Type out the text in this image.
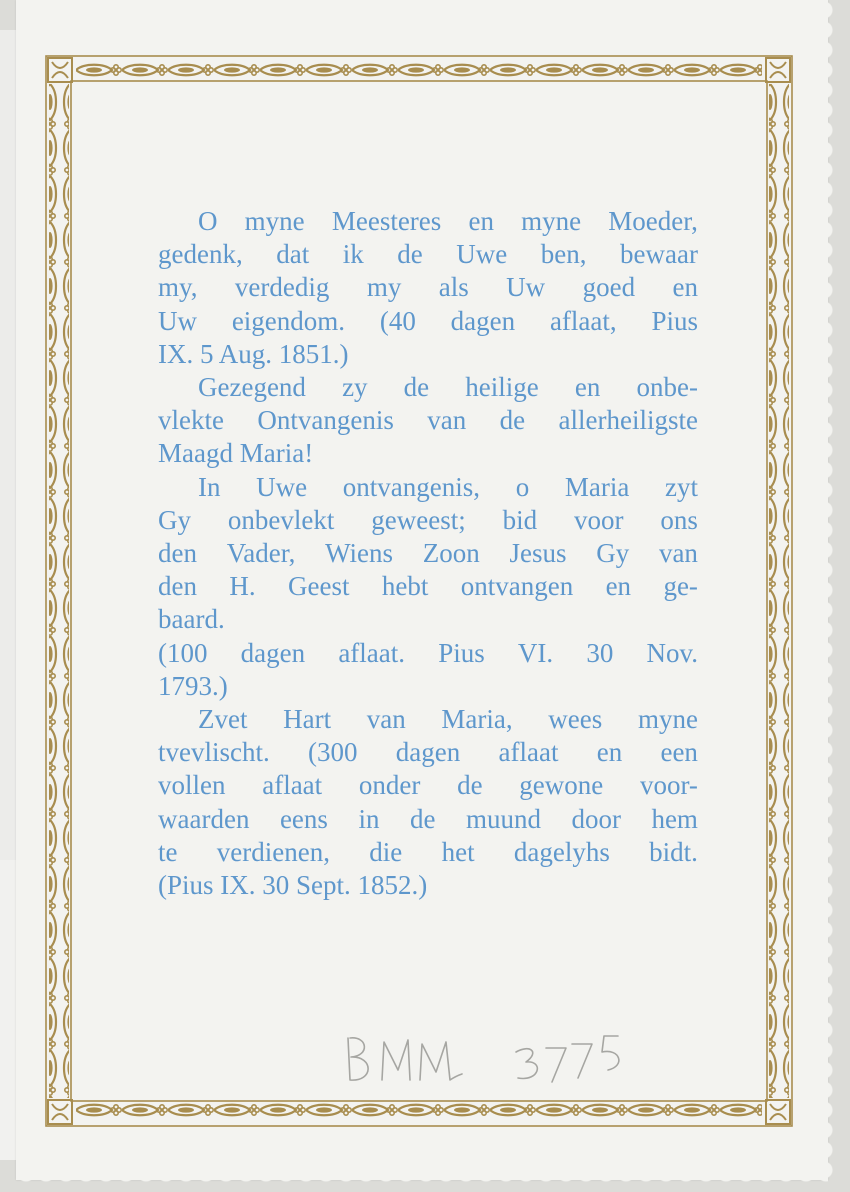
O myne Meesteres en myne Moeder,
gedenk, dat ik de Uwe ben, bewaar
my, verdedig my als Uw goed en
Uw eigendom. (40 dagen aflaat, Pius
IX. 5 Aug. 1851.)
Gezegend zy de heilige en onbe-
vlekte Ontvangenis van de allerheiligste
Maagd Maria!
In Uwe ontvangenis, o Maria zyt
Gy onbevlekt geweest; bid voor ons
den Vader, Wiens Zoon Jesus Gy van
den H. Geest hebt ontvangen en ge-
baard.
(100 dagen aflaat. Pius VI. 30 Nov.
1793.)
Zvet Hart van Maria, wees myne
tvevlischt. (300 dagen aflaat en een
vollen aflaat onder de gewone voor-
waarden eens in de muund door hem
te verdienen, die het dagelyhs bidt.
(Pius IX. 30 Sept. 1852.)
